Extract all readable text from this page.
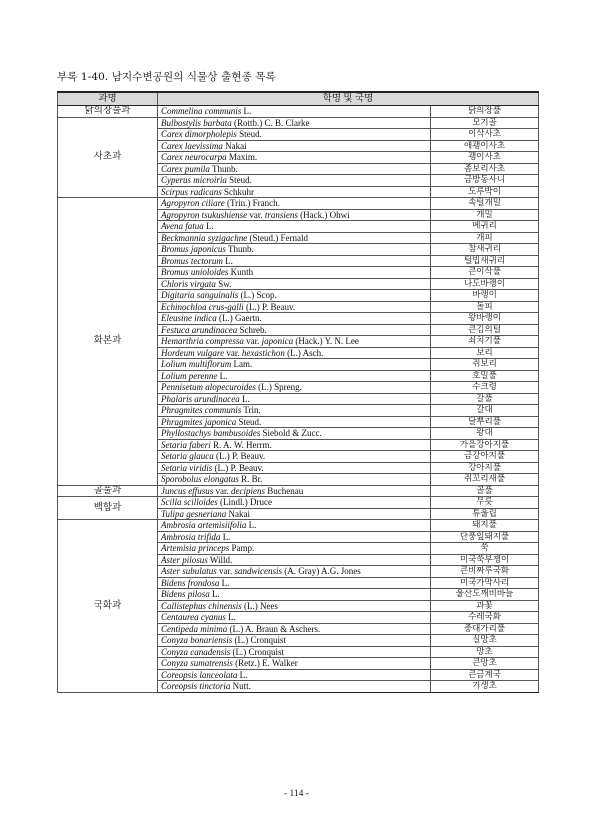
부록 1-40. 남지수변공원의 식물상 출현종 목록
과명	학명 및 국명	
닭의장풀과	Commelina communis L.	닭의장풀
사초과	Bulbostylis barbata (Rottb.) C. B. Clarke	모기골
	Carex dimorpholepis Steud.	이삭사초
	Carex laevissima Nakai	애괭이사초
	Carex neurocarpa Maxim.	괭이사초
	Carex pumila Thunb.	좀보리사초
	Cyperus microiria Steud.	금방동사니
	Scirpus radicans Schkuhr	도루박이
화본과	Agropyron ciliare (Trin.) Franch.	속털개밀
	Agropyron tsukushiense var. transiens (Hack.) Ohwi	개밀
	Avena fatua L.	메귀리
	Beckmannia syzigachne (Steud.) Fernald	개피
	Bromus japonicus Thunb.	참새귀리
	Bromus tectorum L.	털빕새귀리
	Bromus unioloides Kunth	큰이삭풀
	Chloris virgata Sw.	나도바랭이
	Digitaria sanguinalis (L.) Scop.	바랭이
	Echinochloa crus-galli (L.) P. Beauv.	돌피
	Eleusine indica (L.) Gaertn.	왕바랭이
	Festuca arundinacea Schreb.	큰김의털
	Hemarthria compressa var. japonica (Hack.) Y. N. Lee	쇠치기풀
	Hordeum vulgare var. hexastichon (L.) Asch.	보리
	Lolium multiflorum Lam.	쥐보리
	Lolium perenne L.	호밀풀
	Pennisetum alopecuroides (L.) Spreng.	수크령
	Phalaris arundinacea L.	갈풀
	Phragmites communis Trin.	갈대
	Phragmites japonica Steud.	달뿌리풀
	Phyllostachys bambusoides Siebold & Zucc.	왕대
	Setaria faberi R. A. W. Herrm.	가을강아지풀
	Setaria glauca (L.) P. Beauv.	금강아지풀
	Setaria viridis (L.) P. Beauv.	강아지풀
	Sporobolus elongatus R. Br.	쥐꼬리새풀
골풀과	Juncus effusus var. decipiens Buchenau	골풀
백합과	Scilla scilloides (Lindl.) Druce	무릇
	Tulipa gesneriana Nakai	튜울립
국화과	Ambrosia artemisiifolia L.	돼지풀
	Ambrosia trifida L.	단풍잎돼지풀
	Artemisia princeps Pamp.	쑥
	Aster pilosus Willd.	미국쑥부쟁이
	Aster subulatus var. sandwicensis (A. Gray) A.G. Jones	큰비짜루국화
	Bidens frondosa L.	미국가막사리
	Bidens pilosa L.	울산도깨비바늘
	Callistephus chinensis (L.) Nees	과꽃
	Centaurea cyanus L.	수레국화
	Centipeda minima (L.) A. Braun & Aschers.	중대가리풀
	Conyza bonariensis (L.) Cronquist	실망초
	Conyza canadensis (L.) Cronquist	망초
	Conyza sumatrensis (Retz.) E. Walker	큰망초
	Coreopsis lanceolata L.	큰금계국
	Coreopsis tinctoria Nutt.	기생초
- 114 -
